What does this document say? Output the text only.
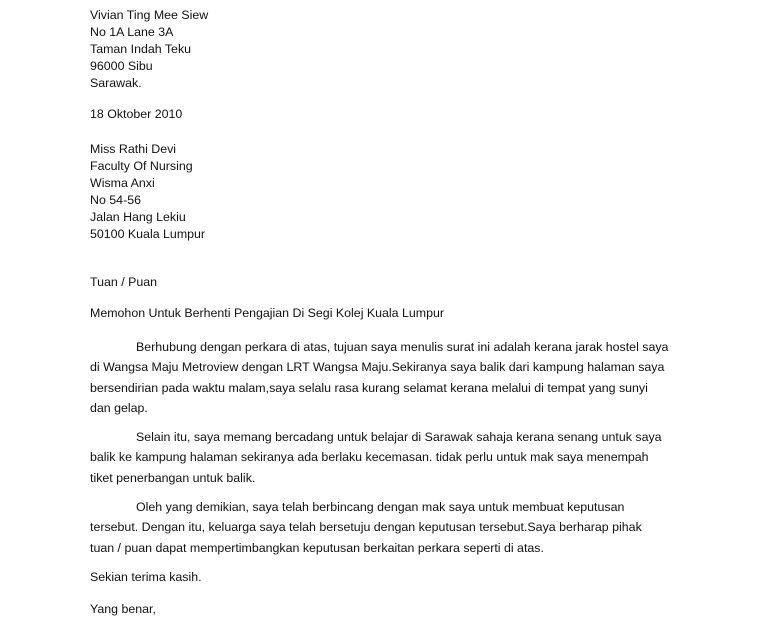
Vivian Ting Mee Siew
No 1A Lane 3A
Taman Indah Teku
96000 Sibu
Sarawak.
18 Oktober 2010
Miss Rathi Devi
Faculty Of Nursing
Wisma Anxi
No 54-56
Jalan Hang Lekiu
50100 Kuala Lumpur
Tuan / Puan
Memohon Untuk Berhenti Pengajian Di Segi Kolej Kuala Lumpur
Berhubung dengan perkara di atas, tujuan saya menulis surat ini adalah kerana jarak hostel saya
di Wangsa Maju Metroview dengan LRT Wangsa Maju.Sekiranya saya balik dari kampung halaman saya
bersendirian pada waktu malam,saya selalu rasa kurang selamat kerana melalui di tempat yang sunyi
dan gelap.
Selain itu, saya memang bercadang untuk belajar di Sarawak sahaja kerana senang untuk saya
balik ke kampung halaman sekiranya ada berlaku kecemasan. tidak perlu untuk mak saya menempah
tiket penerbangan untuk balik.
Oleh yang demikian, saya telah berbincang dengan mak saya untuk membuat keputusan
tersebut. Dengan itu, keluarga saya telah bersetuju dengan keputusan tersebut.Saya berharap pihak
tuan / puan dapat mempertimbangkan keputusan berkaitan perkara seperti di atas.
Sekian terima kasih.
Yang benar,
